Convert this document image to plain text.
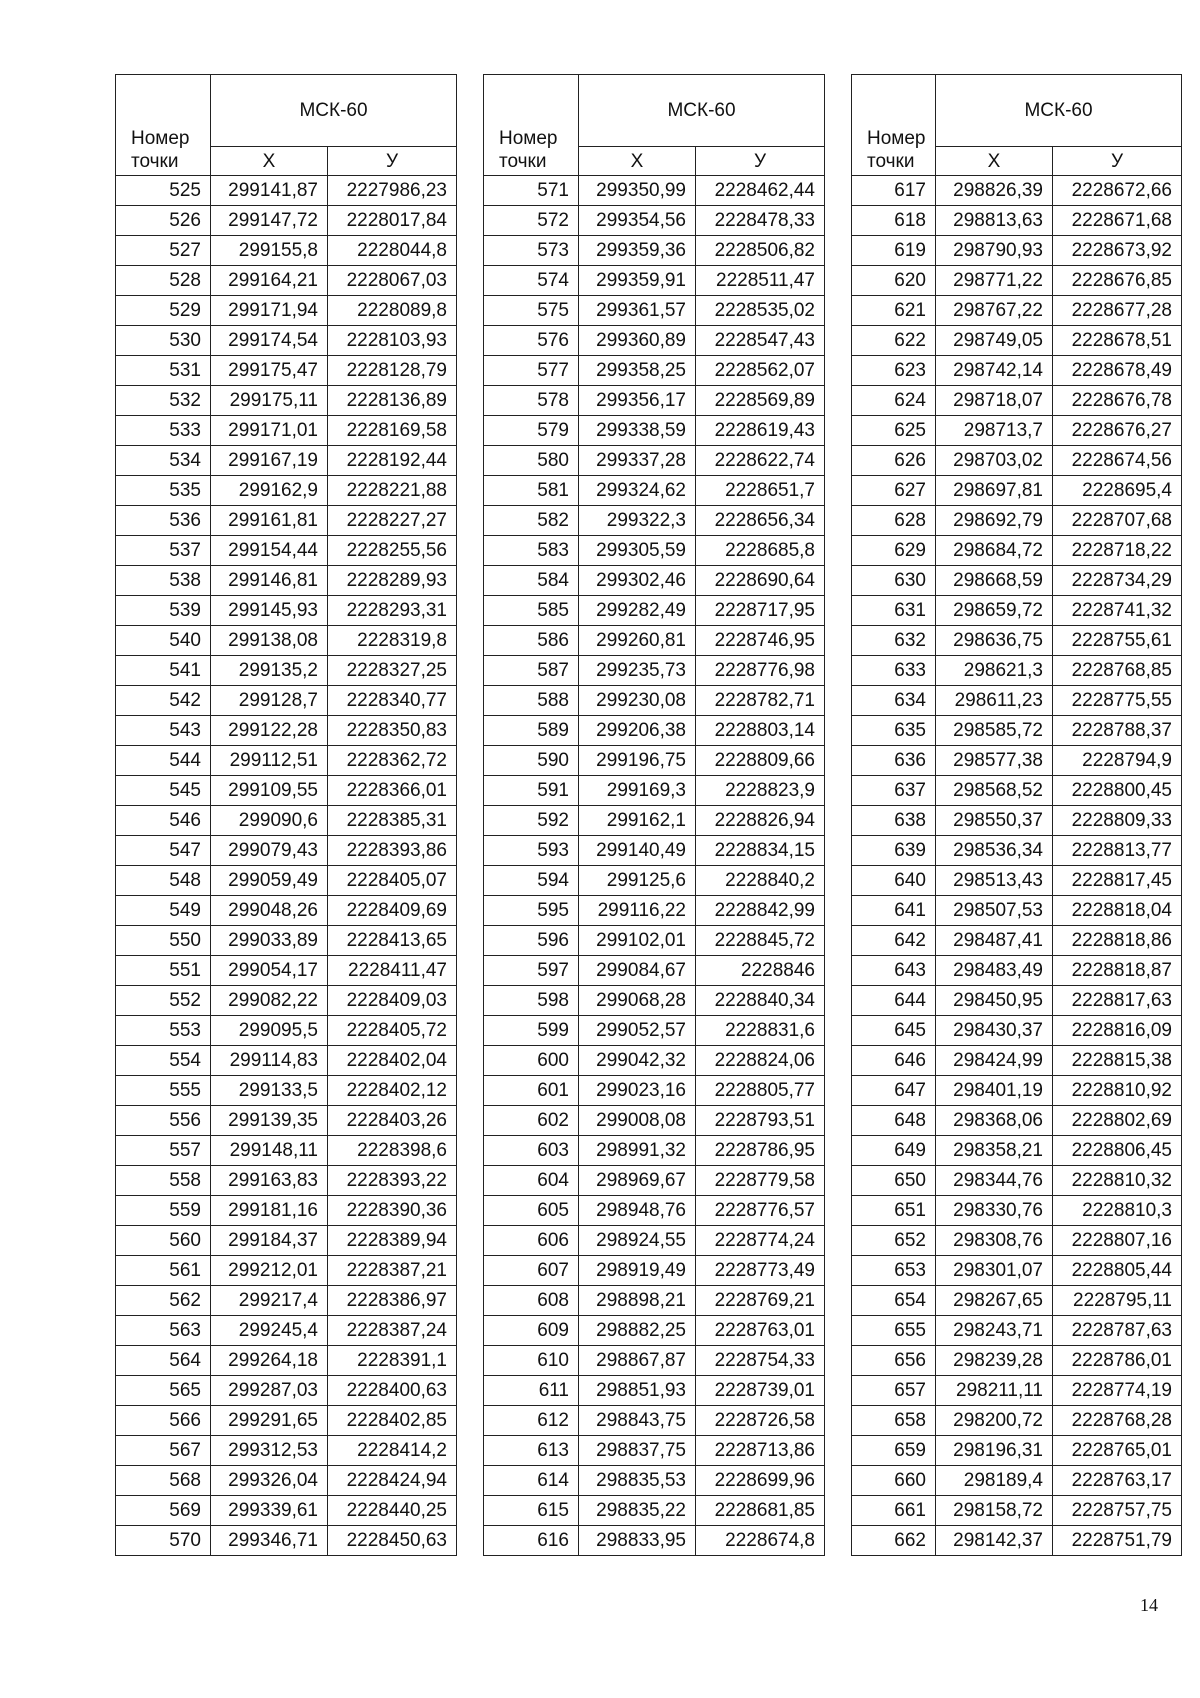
Номер точки	МСК-60	
	Х	У
525	299141,87	2227986,23
526	299147,72	2228017,84
527	299155,8	2228044,8
528	299164,21	2228067,03
529	299171,94	2228089,8
530	299174,54	2228103,93
531	299175,47	2228128,79
532	299175,11	2228136,89
533	299171,01	2228169,58
534	299167,19	2228192,44
535	299162,9	2228221,88
536	299161,81	2228227,27
537	299154,44	2228255,56
538	299146,81	2228289,93
539	299145,93	2228293,31
540	299138,08	2228319,8
541	299135,2	2228327,25
542	299128,7	2228340,77
543	299122,28	2228350,83
544	299112,51	2228362,72
545	299109,55	2228366,01
546	299090,6	2228385,31
547	299079,43	2228393,86
548	299059,49	2228405,07
549	299048,26	2228409,69
550	299033,89	2228413,65
551	299054,17	2228411,47
552	299082,22	2228409,03
553	299095,5	2228405,72
554	299114,83	2228402,04
555	299133,5	2228402,12
556	299139,35	2228403,26
557	299148,11	2228398,6
558	299163,83	2228393,22
559	299181,16	2228390,36
560	299184,37	2228389,94
561	299212,01	2228387,21
562	299217,4	2228386,97
563	299245,4	2228387,24
564	299264,18	2228391,1
565	299287,03	2228400,63
566	299291,65	2228402,85
567	299312,53	2228414,2
568	299326,04	2228424,94
569	299339,61	2228440,25
570	299346,71	2228450,63
Номер точки	МСК-60	
	Х	У
571	299350,99	2228462,44
572	299354,56	2228478,33
573	299359,36	2228506,82
574	299359,91	2228511,47
575	299361,57	2228535,02
576	299360,89	2228547,43
577	299358,25	2228562,07
578	299356,17	2228569,89
579	299338,59	2228619,43
580	299337,28	2228622,74
581	299324,62	2228651,7
582	299322,3	2228656,34
583	299305,59	2228685,8
584	299302,46	2228690,64
585	299282,49	2228717,95
586	299260,81	2228746,95
587	299235,73	2228776,98
588	299230,08	2228782,71
589	299206,38	2228803,14
590	299196,75	2228809,66
591	299169,3	2228823,9
592	299162,1	2228826,94
593	299140,49	2228834,15
594	299125,6	2228840,2
595	299116,22	2228842,99
596	299102,01	2228845,72
597	299084,67	2228846
598	299068,28	2228840,34
599	299052,57	2228831,6
600	299042,32	2228824,06
601	299023,16	2228805,77
602	299008,08	2228793,51
603	298991,32	2228786,95
604	298969,67	2228779,58
605	298948,76	2228776,57
606	298924,55	2228774,24
607	298919,49	2228773,49
608	298898,21	2228769,21
609	298882,25	2228763,01
610	298867,87	2228754,33
611	298851,93	2228739,01
612	298843,75	2228726,58
613	298837,75	2228713,86
614	298835,53	2228699,96
615	298835,22	2228681,85
616	298833,95	2228674,8
Номер точки	МСК-60	
	Х	У
617	298826,39	2228672,66
618	298813,63	2228671,68
619	298790,93	2228673,92
620	298771,22	2228676,85
621	298767,22	2228677,28
622	298749,05	2228678,51
623	298742,14	2228678,49
624	298718,07	2228676,78
625	298713,7	2228676,27
626	298703,02	2228674,56
627	298697,81	2228695,4
628	298692,79	2228707,68
629	298684,72	2228718,22
630	298668,59	2228734,29
631	298659,72	2228741,32
632	298636,75	2228755,61
633	298621,3	2228768,85
634	298611,23	2228775,55
635	298585,72	2228788,37
636	298577,38	2228794,9
637	298568,52	2228800,45
638	298550,37	2228809,33
639	298536,34	2228813,77
640	298513,43	2228817,45
641	298507,53	2228818,04
642	298487,41	2228818,86
643	298483,49	2228818,87
644	298450,95	2228817,63
645	298430,37	2228816,09
646	298424,99	2228815,38
647	298401,19	2228810,92
648	298368,06	2228802,69
649	298358,21	2228806,45
650	298344,76	2228810,32
651	298330,76	2228810,3
652	298308,76	2228807,16
653	298301,07	2228805,44
654	298267,65	2228795,11
655	298243,71	2228787,63
656	298239,28	2228786,01
657	298211,11	2228774,19
658	298200,72	2228768,28
659	298196,31	2228765,01
660	298189,4	2228763,17
661	298158,72	2228757,75
662	298142,37	2228751,79
14
